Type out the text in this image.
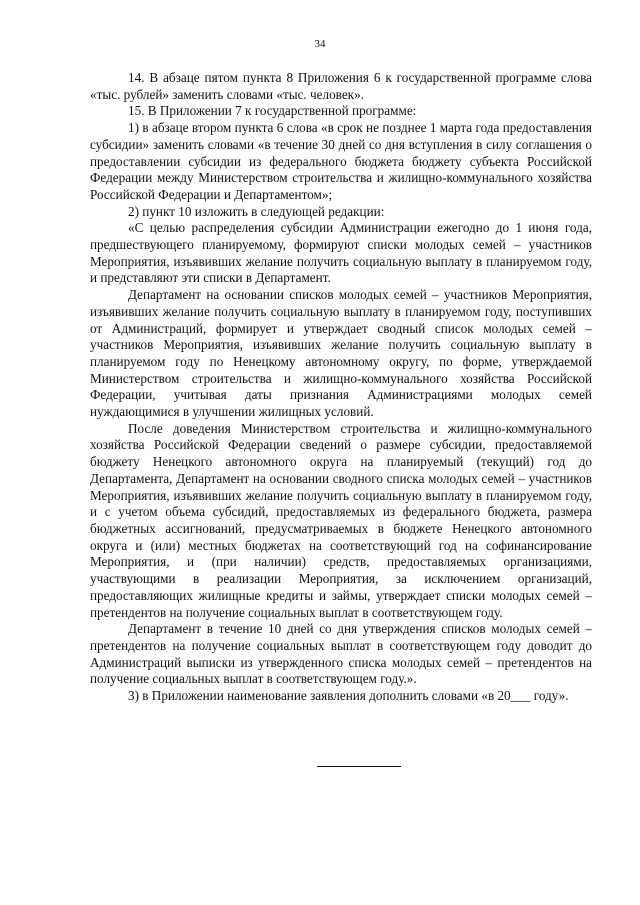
34

14. В абзаце пятом пункта 8 Приложения 6 к государственной программе слова «тыс. рублей» заменить словами «тыс. человек».

15. В Приложении 7 к государственной программе:

1) в абзаце втором пункта 6 слова «в срок не позднее 1 марта года предоставления субсидии» заменить словами «в течение 30 дней со дня вступления в силу соглашения о предоставлении субсидии из федерального бюджета бюджету субъекта Российской Федерации между Министерством строительства и жилищно-коммунального хозяйства Российской Федерации и Департаментом»;

2) пункт 10 изложить в следующей редакции:

«С целью распределения субсидии Администрации ежегодно до 1 июня года, предшествующего планируемому, формируют списки молодых семей – участников Мероприятия, изъявивших желание получить социальную выплату в планируемом году, и представляют эти списки в Департамент.

Департамент на основании списков молодых семей – участников Мероприятия, изъявивших желание получить социальную выплату в планируемом году, поступивших от Администраций, формирует и утверждает сводный список молодых семей – участников Мероприятия, изъявивших желание получить социальную выплату в планируемом году по Ненецкому автономному округу, по форме, утверждаемой Министерством строительства и жилищно-коммунального хозяйства Российской Федерации, учитывая даты признания Администрациями молодых семей нуждающимися в улучшении жилищных условий.

После доведения Министерством строительства и жилищно-коммунального хозяйства Российской Федерации сведений о размере субсидии, предоставляемой бюджету Ненецкого автономного округа на планируемый (текущий) год до Департамента, Департамент на основании сводного списка молодых семей – участников Мероприятия, изъявивших желание получить социальную выплату в планируемом году, и с учетом объема субсидий, предоставляемых из федерального бюджета, размера бюджетных ассигнований, предусматриваемых в бюджете Ненецкого автономного округа и (или) местных бюджетах на соответствующий год на софинансирование Мероприятия, и (при наличии) средств, предоставляемых организациями, участвующими в реализации Мероприятия, за исключением организаций, предоставляющих жилищные кредиты и займы, утверждает списки молодых семей – претендентов на получение социальных выплат в соответствующем году.

Департамент в течение 10 дней со дня утверждения списков молодых семей – претендентов на получение социальных выплат в соответствующем году доводит до Администраций выписки из утвержденного списка молодых семей – претендентов на получение социальных выплат в соответствующем году.».

3) в Приложении наименование заявления дополнить словами «в 20___ году».
